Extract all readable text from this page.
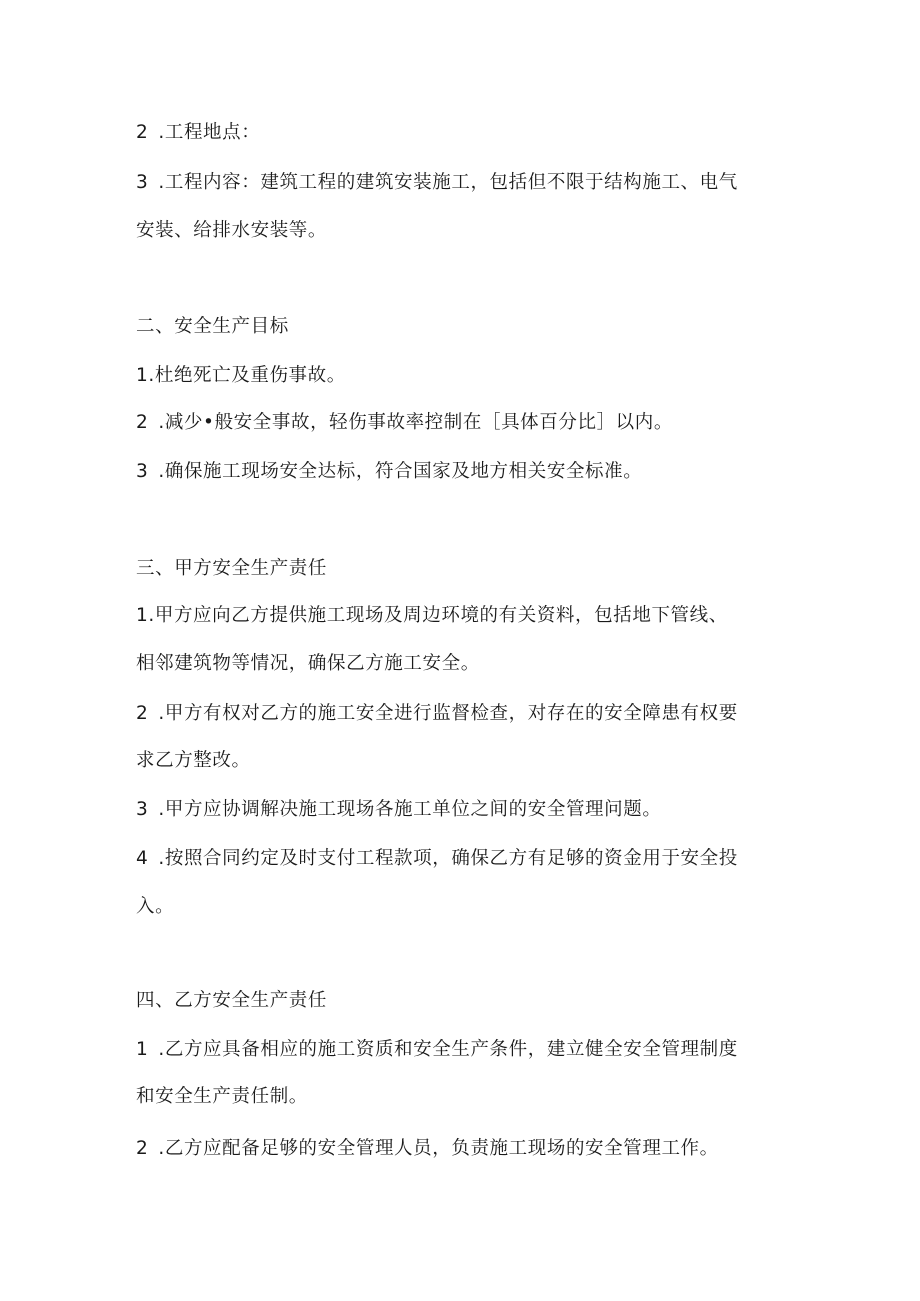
2 .工程地点：
3 .工程内容：建筑工程的建筑安装施工，包括但不限于结构施工、电气
安装、给排水安装等。
二、安全生产目标
1.杜绝死亡及重伤事故。
2 .减少•般安全事故，轻伤事故率控制在［具体百分比］以内。
3 .确保施工现场安全达标，符合国家及地方相关安全标准。
三、甲方安全生产责任
1.甲方应向乙方提供施工现场及周边环境的有关资料，包括地下管线、
相邻建筑物等情况，确保乙方施工安全。
2 .甲方有权对乙方的施工安全进行监督检查，对存在的安全障患有权要
求乙方整改。
3 .甲方应协调解决施工现场各施工单位之间的安全管理问题。
4 .按照合同约定及时支付工程款项，确保乙方有足够的资金用于安全投
入。
四、乙方安全生产责任
1 .乙方应具备相应的施工资质和安全生产条件，建立健全安全管理制度
和安全生产责任制。
2 .乙方应配备足够的安全管理人员，负责施工现场的安全管理工作。
